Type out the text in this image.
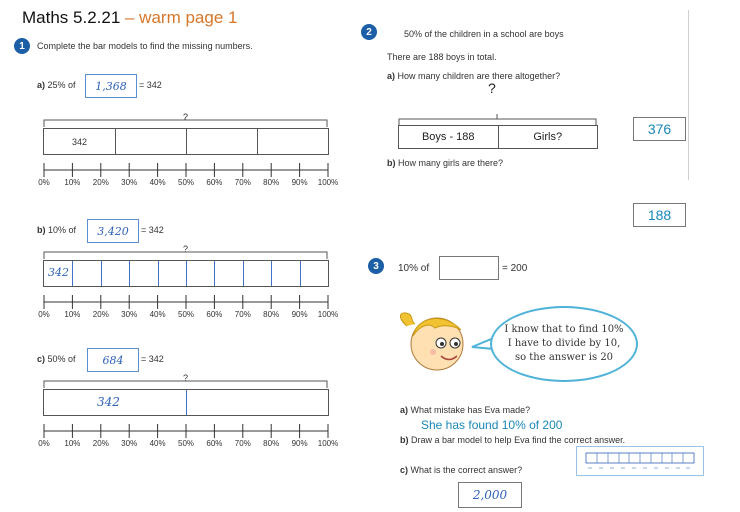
Maths 5.2.21 – warm page 1
1	Complete the bar models to find the missing numbers.
a) 25% of	1,368	= 342
?
342
0% 10% 20% 30% 40% 50% 60% 70% 80% 90% 100%
b) 10% of	3,420	= 342
?
342
0% 10% 20% 30% 40% 50% 60% 70% 80% 90% 100%
c) 50% of	684	= 342
?
342
0% 10% 20% 30% 40% 50% 60% 70% 80% 90% 100%
2	50% of the children in a school are boys
There are 188 boys in total.
a) How many children are there altogether?
?
Boys - 188	Girls?	376
b) How many girls are there?
188
3	10% of	= 200
I know that to find 10% I have to divide by 10, so the answer is 20
a) What mistake has Eva made?
She has found 10% of 200
b) Draw a bar model to help Eva find the correct answer.
c) What is the correct answer?
2,000
